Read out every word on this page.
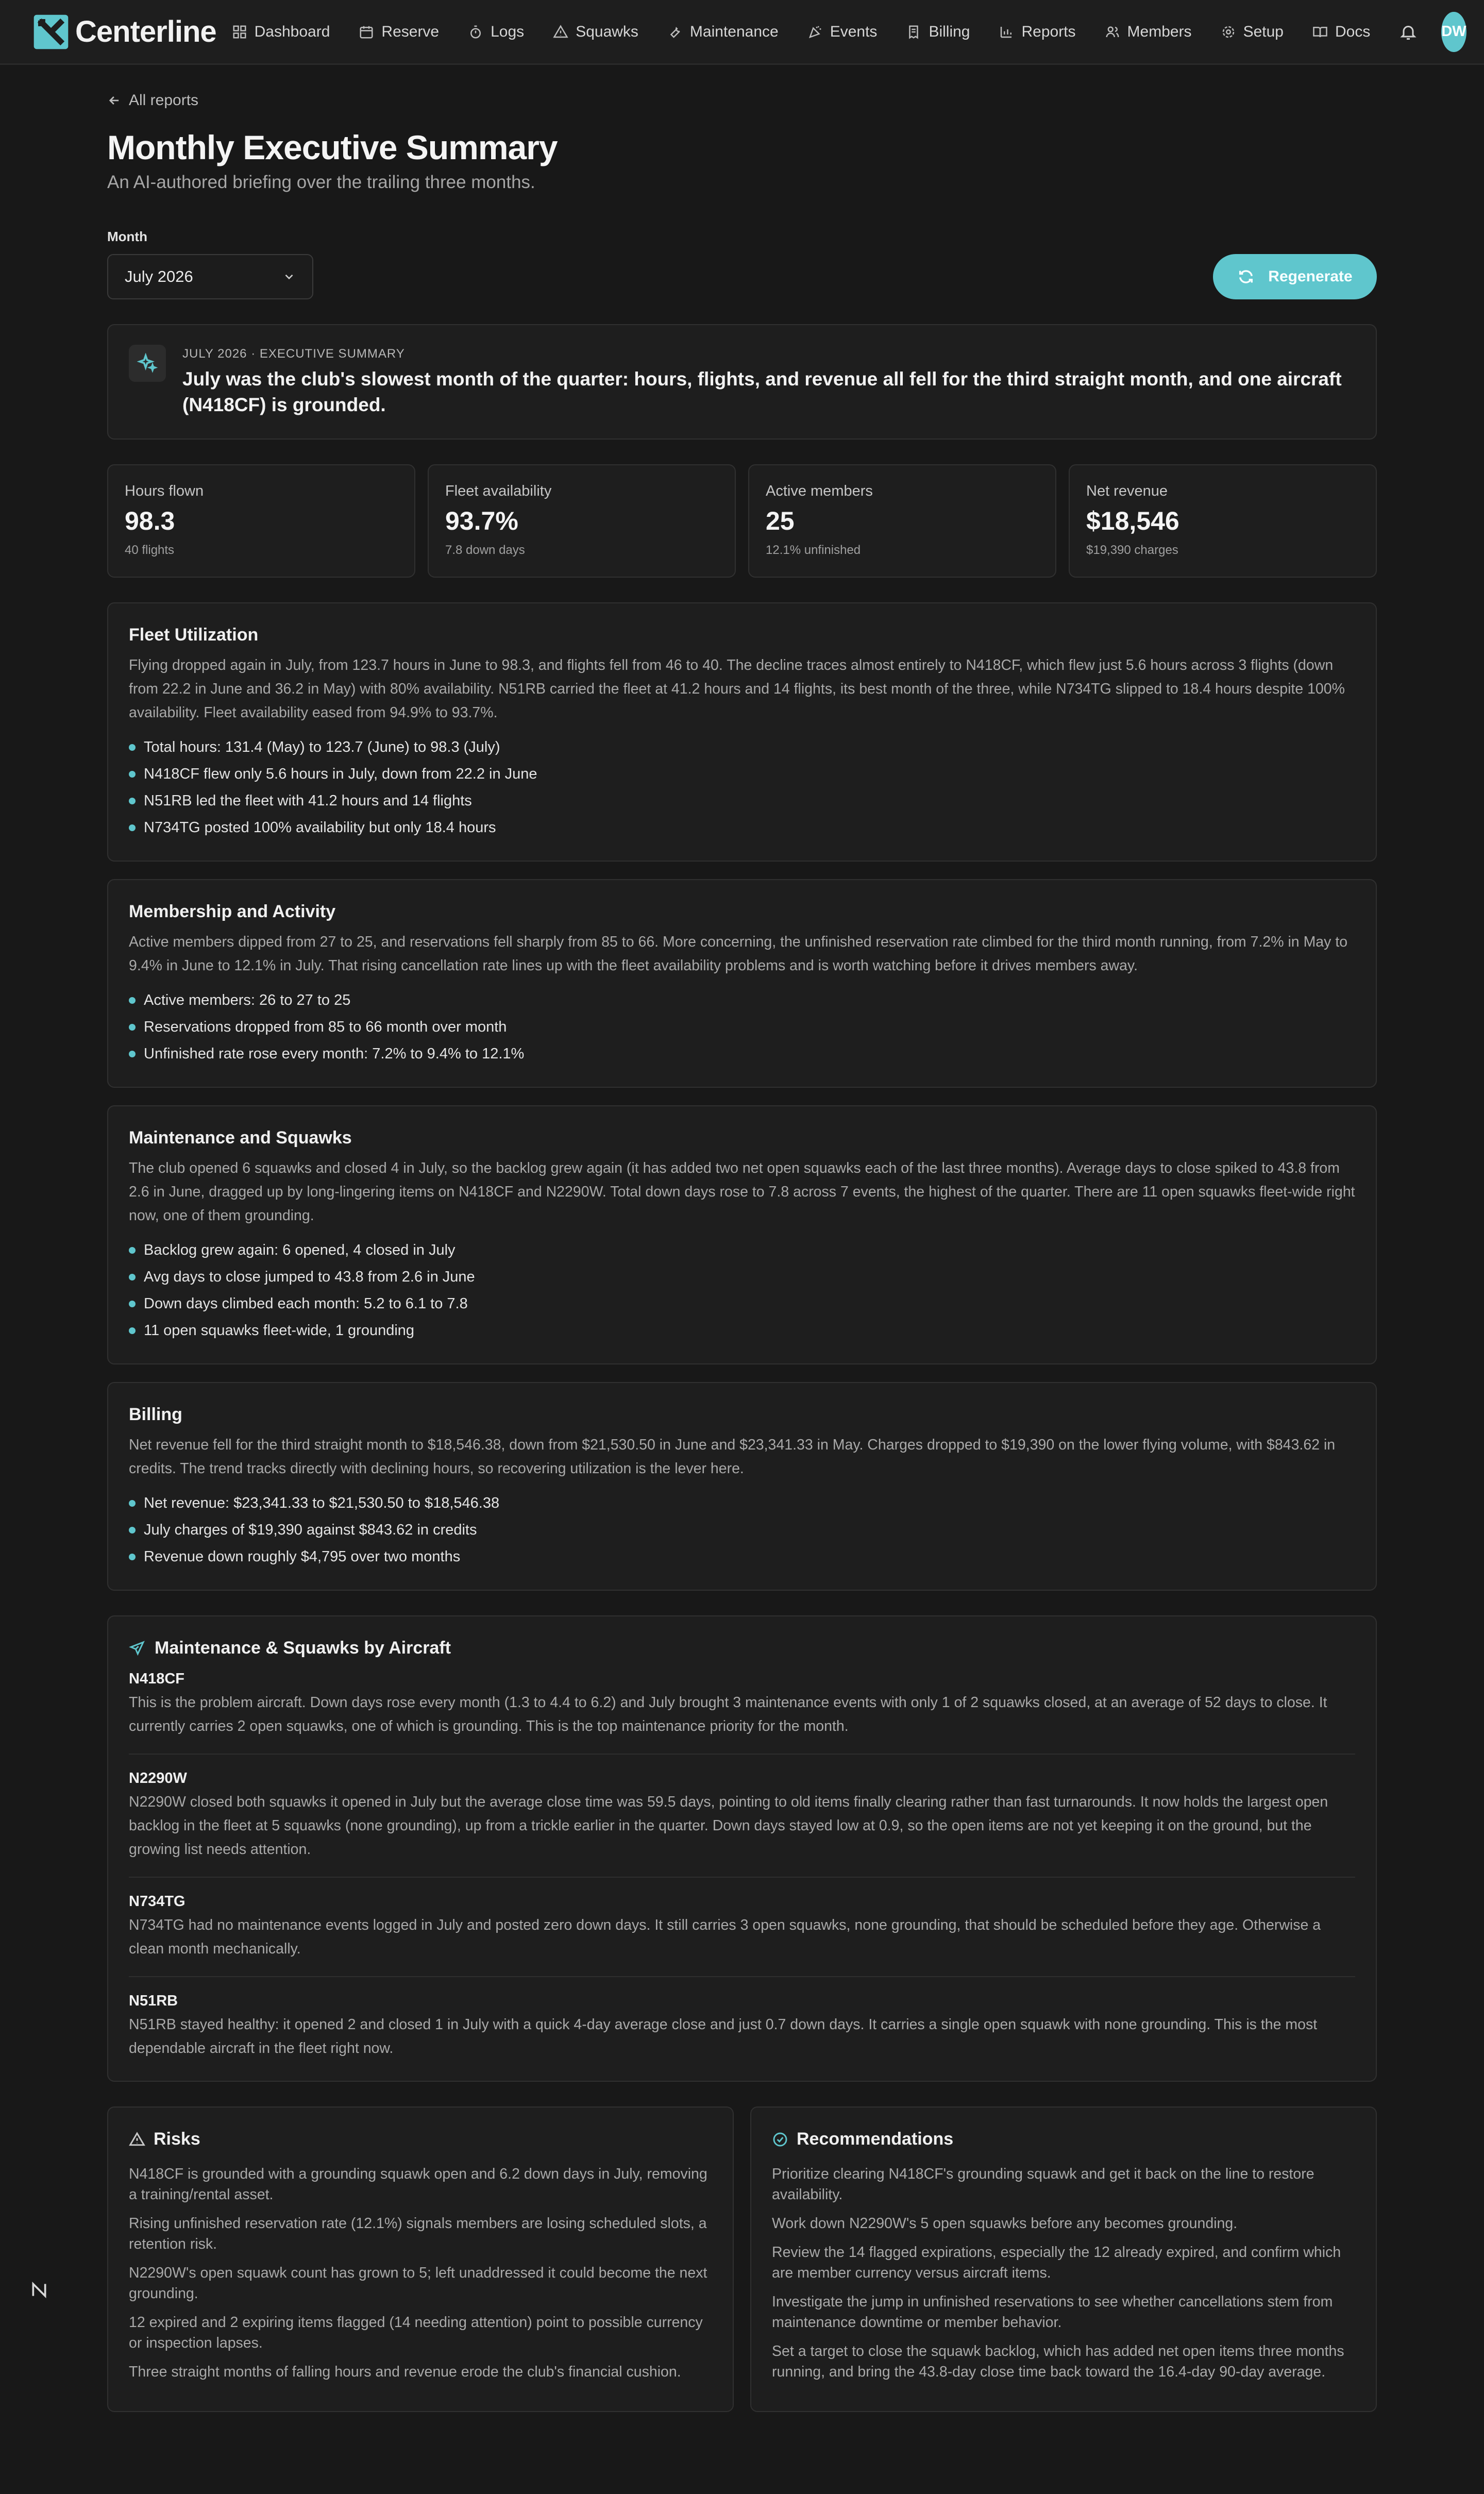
Centerline Dashboard	Reserve	Logs	Squawks	Maintenance	Events	Billing	Reports	Members	Setup	Docs	DW
All reports
Monthly Executive Summary
An AI-authored briefing over the trailing three months.
Month
July 2026	Regenerate
JULY 2026 · EXECUTIVE SUMMARY
July was the club's slowest month of the quarter: hours, flights, and revenue all fell for the third straight month, and one aircraft (N418CF) is grounded.
Hours flown
98.3
40 flights
Fleet availability
93.7%
7.8 down days
Active members
25
12.1% unfinished
Net revenue
$18,546
$19,390 charges
Fleet Utilization
Flying dropped again in July, from 123.7 hours in June to 98.3, and flights fell from 46 to 40. The decline traces almost entirely to N418CF, which flew just 5.6 hours across 3 flights (down from 22.2 in June and 36.2 in May) with 80% availability. N51RB carried the fleet at 41.2 hours and 14 flights, its best month of the three, while N734TG slipped to 18.4 hours despite 100% availability. Fleet availability eased from 94.9% to 93.7%.
Total hours: 131.4 (May) to 123.7 (June) to 98.3 (July)
N418CF flew only 5.6 hours in July, down from 22.2 in June
N51RB led the fleet with 41.2 hours and 14 flights
N734TG posted 100% availability but only 18.4 hours
Membership and Activity
Active members dipped from 27 to 25, and reservations fell sharply from 85 to 66. More concerning, the unfinished reservation rate climbed for the third month running, from 7.2% in May to 9.4% in June to 12.1% in July. That rising cancellation rate lines up with the fleet availability problems and is worth watching before it drives members away.
Active members: 26 to 27 to 25
Reservations dropped from 85 to 66 month over month
Unfinished rate rose every month: 7.2% to 9.4% to 12.1%
Maintenance and Squawks
The club opened 6 squawks and closed 4 in July, so the backlog grew again (it has added two net open squawks each of the last three months). Average days to close spiked to 43.8 from 2.6 in June, dragged up by long-lingering items on N418CF and N2290W. Total down days rose to 7.8 across 7 events, the highest of the quarter. There are 11 open squawks fleet-wide right now, one of them grounding.
Backlog grew again: 6 opened, 4 closed in July
Avg days to close jumped to 43.8 from 2.6 in June
Down days climbed each month: 5.2 to 6.1 to 7.8
11 open squawks fleet-wide, 1 grounding
Billing
Net revenue fell for the third straight month to $18,546.38, down from $21,530.50 in June and $23,341.33 in May. Charges dropped to $19,390 on the lower flying volume, with $843.62 in credits. The trend tracks directly with declining hours, so recovering utilization is the lever here.
Net revenue: $23,341.33 to $21,530.50 to $18,546.38
July charges of $19,390 against $843.62 in credits
Revenue down roughly $4,795 over two months
Maintenance & Squawks by Aircraft
N418CF
This is the problem aircraft. Down days rose every month (1.3 to 4.4 to 6.2) and July brought 3 maintenance events with only 1 of 2 squawks closed, at an average of 52 days to close. It currently carries 2 open squawks, one of which is grounding. This is the top maintenance priority for the month.
N2290W
N2290W closed both squawks it opened in July but the average close time was 59.5 days, pointing to old items finally clearing rather than fast turnarounds. It now holds the largest open backlog in the fleet at 5 squawks (none grounding), up from a trickle earlier in the quarter. Down days stayed low at 0.9, so the open items are not yet keeping it on the ground, but the growing list needs attention.
N734TG
N734TG had no maintenance events logged in July and posted zero down days. It still carries 3 open squawks, none grounding, that should be scheduled before they age. Otherwise a clean month mechanically.
N51RB
N51RB stayed healthy: it opened 2 and closed 1 in July with a quick 4-day average close and just 0.7 down days. It carries a single open squawk with none grounding. This is the most dependable aircraft in the fleet right now.
Risks
N418CF is grounded with a grounding squawk open and 6.2 down days in July, removing a training/rental asset.
Rising unfinished reservation rate (12.1%) signals members are losing scheduled slots, a retention risk.
N2290W's open squawk count has grown to 5; left unaddressed it could become the next grounding.
12 expired and 2 expiring items flagged (14 needing attention) point to possible currency or inspection lapses.
Three straight months of falling hours and revenue erode the club's financial cushion.
Recommendations
Prioritize clearing N418CF's grounding squawk and get it back on the line to restore availability.
Work down N2290W's 5 open squawks before any becomes grounding.
Review the 14 flagged expirations, especially the 12 already expired, and confirm which are member currency versus aircraft items.
Investigate the jump in unfinished reservations to see whether cancellations stem from maintenance downtime or member behavior.
Set a target to close the squawk backlog, which has added net open items three months running, and bring the 43.8-day close time back toward the 16.4-day 90-day average.
